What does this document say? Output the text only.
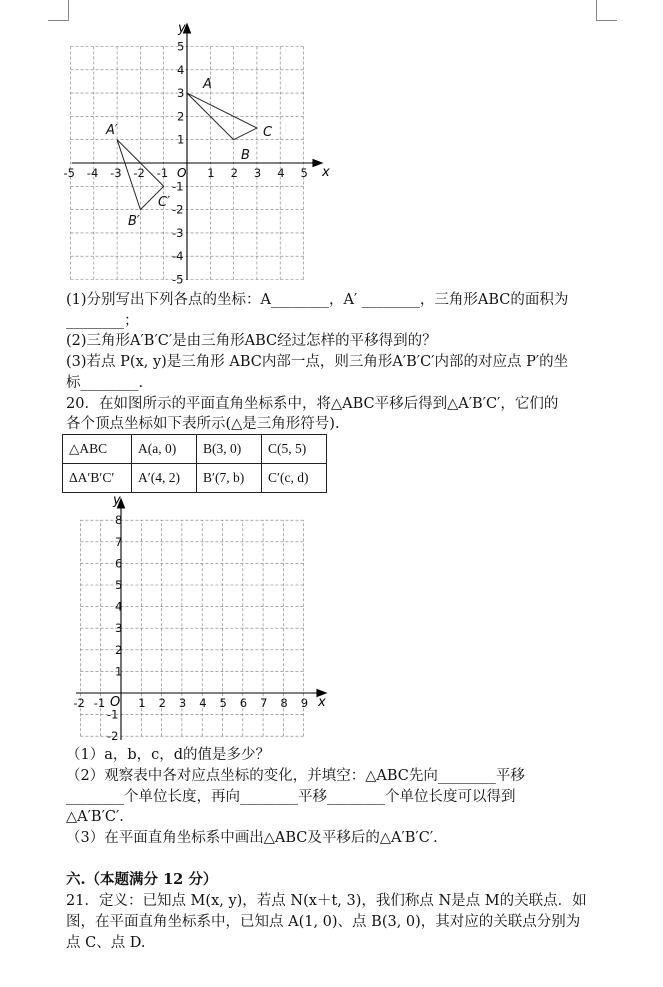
-5 -4 -3 -2 -1	1 2 3 4 5
5
4
3
2
1
-1
-2
-3
-4
-5
x
y
O
A
B
C
A′
B′
C′
(1)分别写出下列各点的坐标：A________，A′ ________，三角形ABC的面积为
________；
(2)三角形A′B′C′是由三角形ABC经过怎样的平移得到的？
(3)若点 P(x, y)是三角形 ABC内部一点，则三角形A′B′C′内部的对应点 P′的坐
标________.
20．在如图所示的平面直角坐标系中，将△ABC平移后得到△A′B′C′，它们的
各个顶点坐标如下表所示(△是三角形符号).
△ABC	A(a, 0)	B(3, 0)	C(5, 5)
ΔA′B′C′	A′(4, 2)	B′(7, b)	C′(c, d)
-2 -1	1 2 3 4 5 6 7 8 9
8
7
6
5
4
3
2
1
-1
-2
x
y
O
（1）a，b，c，d的值是多少？
（2）观察表中各对应点坐标的变化，并填空：△ABC先向________平移
________个单位长度，再向________平移________个单位长度可以得到
△A′B′C′.
（3）在平面直角坐标系中画出△ABC及平移后的△A′B′C′.
六.（本题满分 12 分）
21．定义：已知点 M(x, y)，若点 N(x＋t, 3)，我们称点 N是点 M的关联点．如
图，在平面直角坐标系中，已知点 A(1, 0)、点 B(3, 0)，其对应的关联点分别为
点 C、点 D.
